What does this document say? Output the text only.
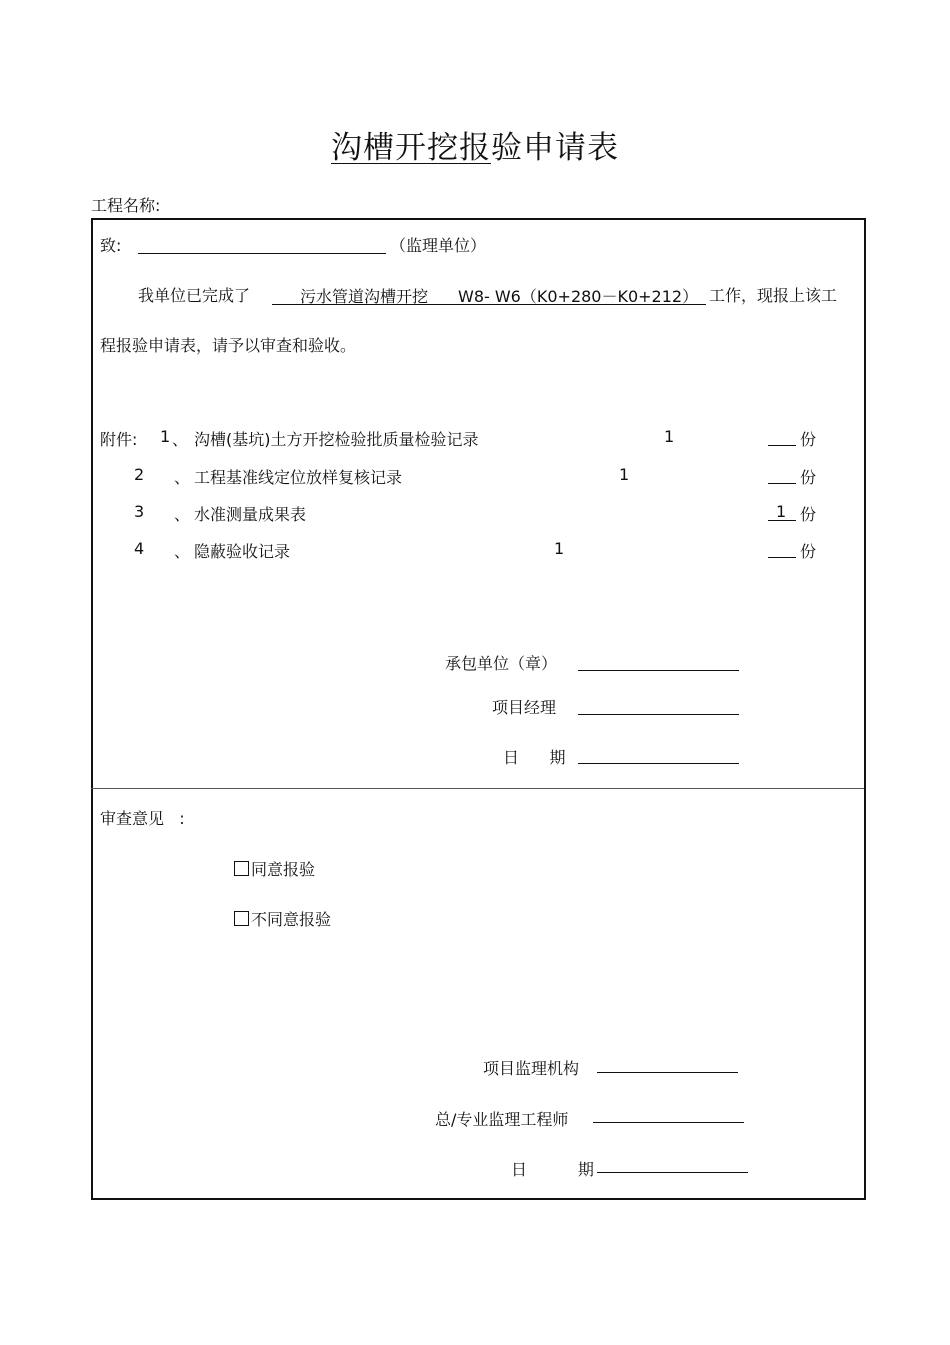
沟槽开挖报验申请表
工程名称:
致:	（监理单位）
我单位已完成了	污水管道沟槽开挖 W8- W6（K0+280－K0+212） 工作，现报上该工
程报验申请表，请予以审查和验收。
附件: 1 、 沟槽(基坑)土方开挖检验批质量检验记录	1	份
2 、 工程基准线定位放样复核记录	1	份
3 、 水准测量成果表	1 份
4 、 隐蔽验收记录	1	份
承包单位（章）
项目经理
日      期
审查意见   :
同意报验
不同意报验
项目监理机构
总/专业监理工程师
日          期
